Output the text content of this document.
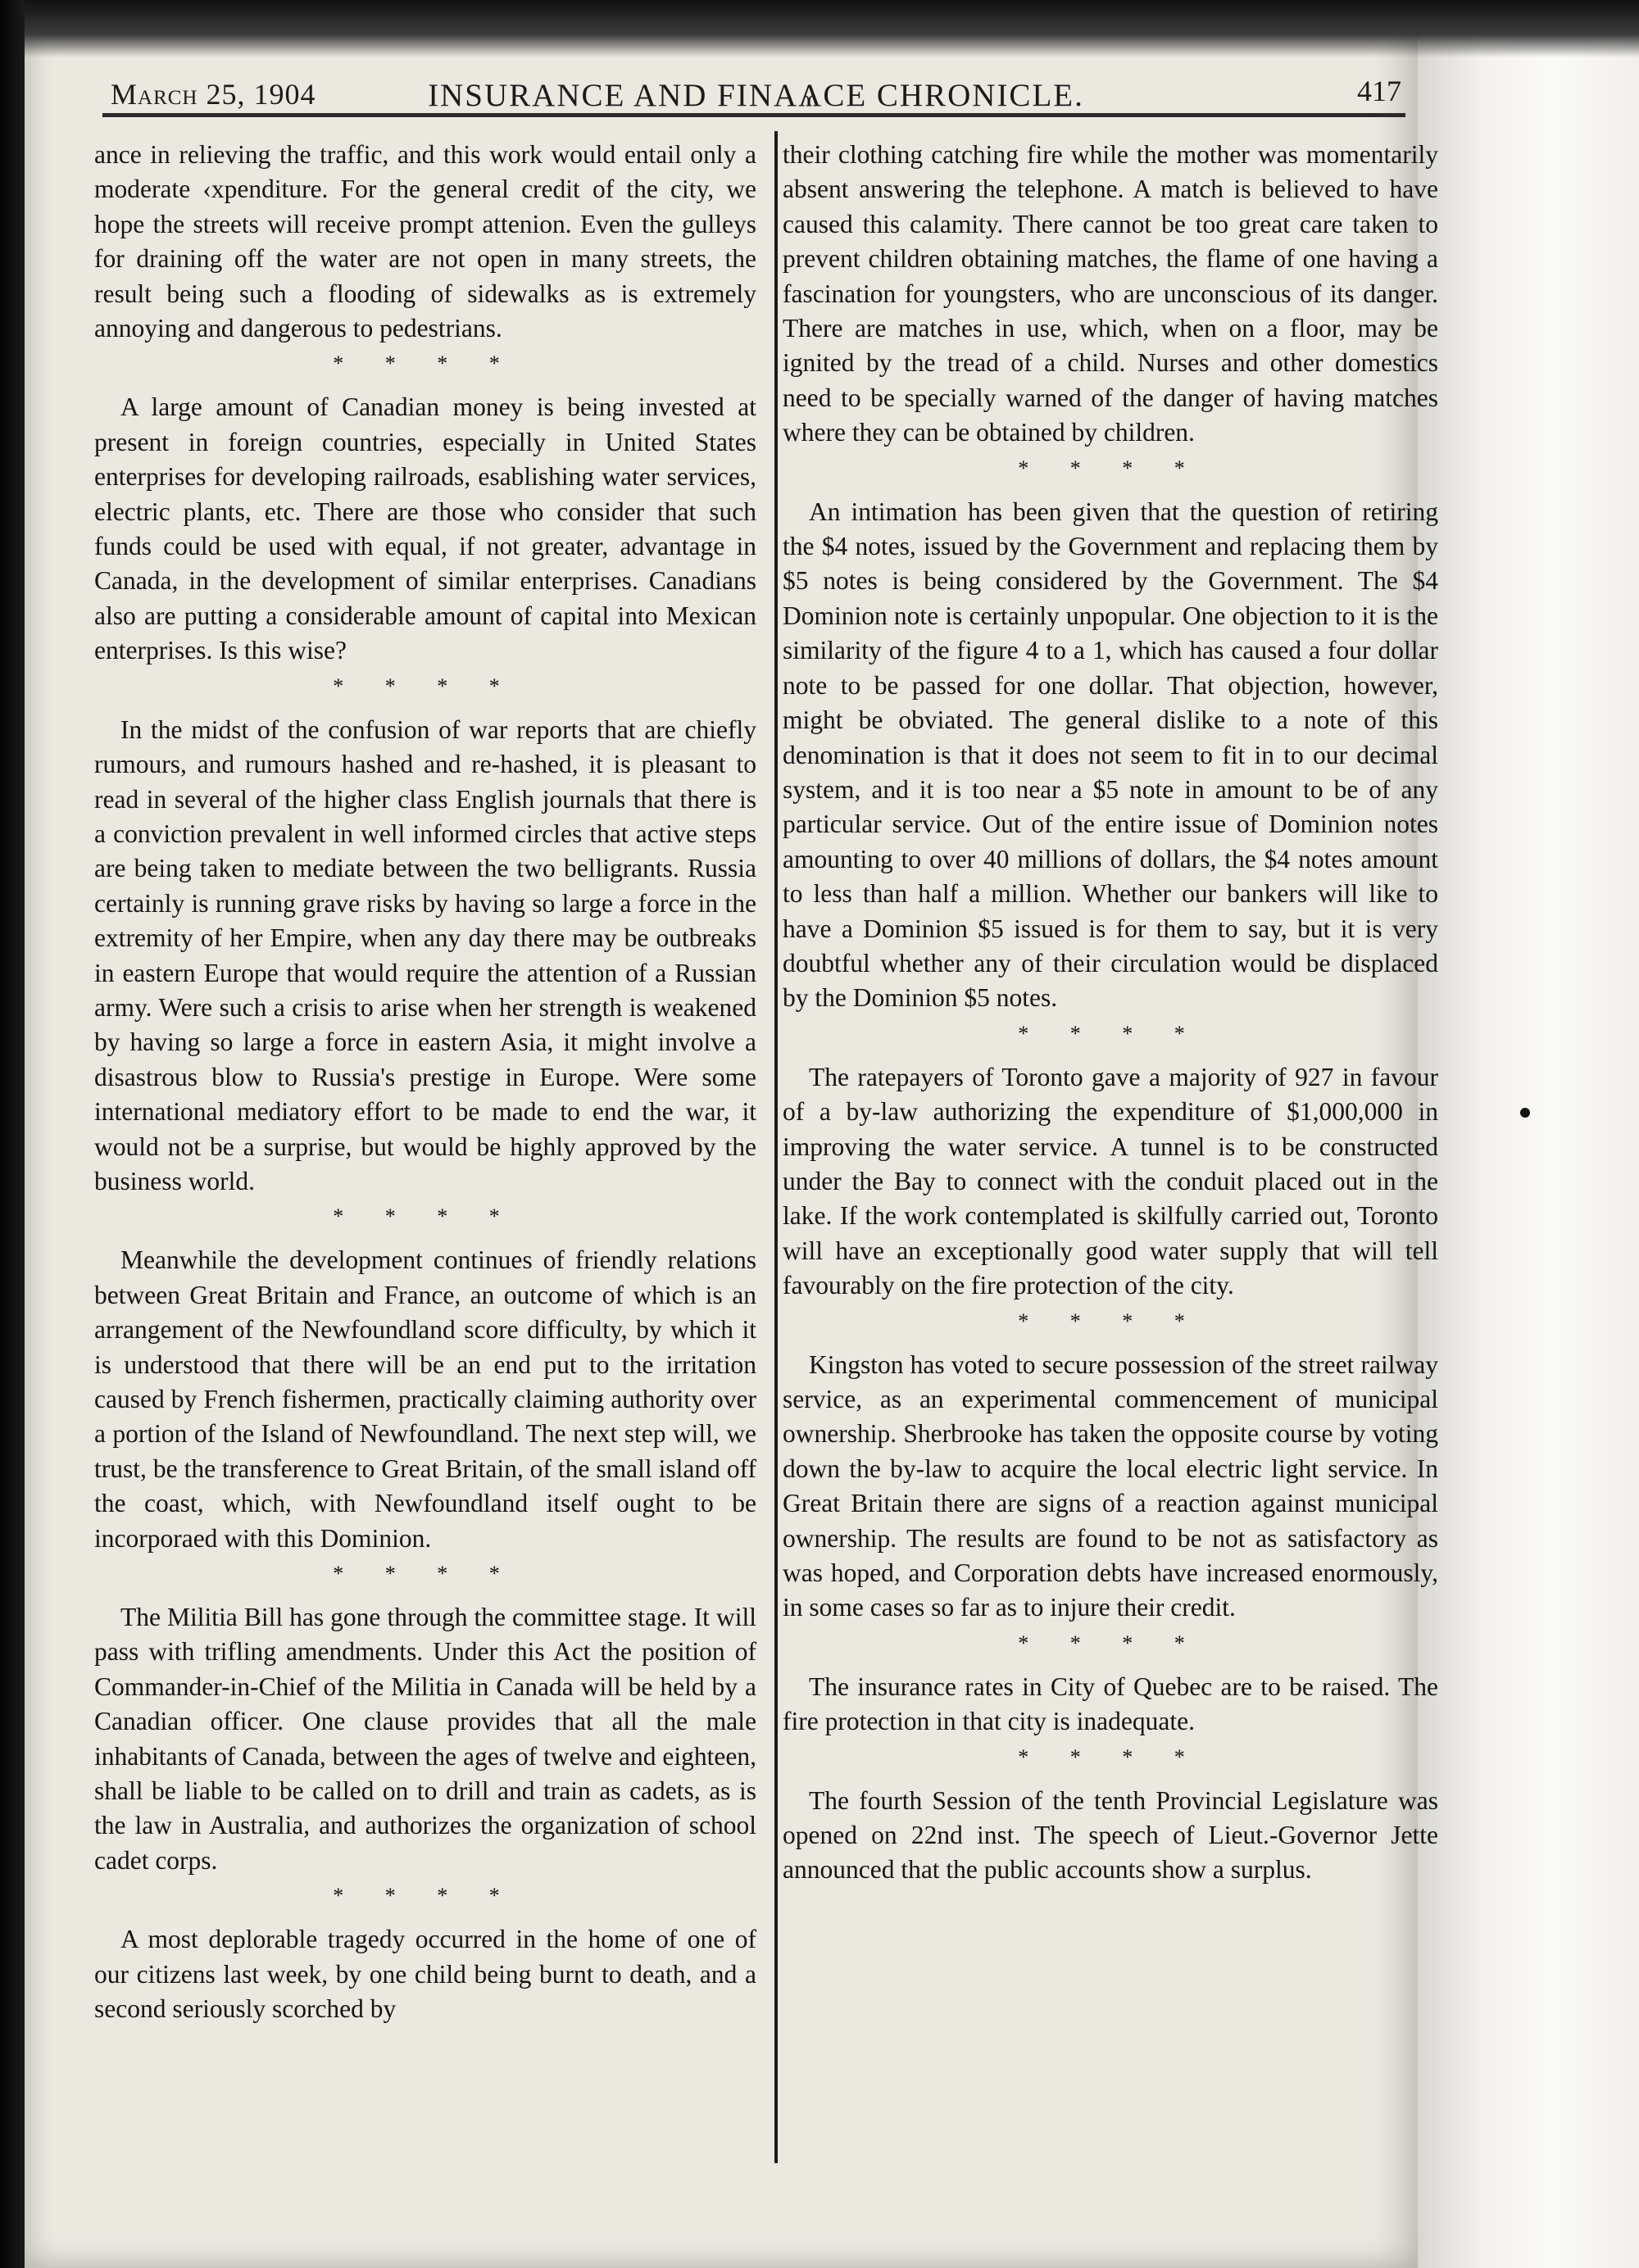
March 25, 1904	INSURANCE AND FINAѦCE CHRONICLE.	417

ance in relieving the traffic, and this work would entail only a moderate ‹xpenditure. For the general credit of the city, we hope the streets will receive prompt attenion. Even the gulleys for draining off the water are not open in many streets, the result being such a flooding of sidewalks as is extremely annoying and dangerous to pedestrians.

* * * *

A large amount of Canadian money is being invested at present in foreign countries, especially in United States enterprises for developing railroads, esablishing water services, electric plants, etc. There are those who consider that such funds could be used with equal, if not greater, advantage in Canada, in the development of similar enterprises. Canadians also are putting a considerable amount of capital into Mexican enterprises. Is this wise?

* * * *

In the midst of the confusion of war reports that are chiefly rumours, and rumours hashed and re-hashed, it is pleasant to read in several of the higher class English journals that there is a conviction prevalent in well informed circles that active steps are being taken to mediate between the two belligrants. Russia certainly is running grave risks by having so large a force in the extremity of her Empire, when any day there may be outbreaks in eastern Europe that would require the attention of a Russian army. Were such a crisis to arise when her strength is weakened by having so large a force in eastern Asia, it might involve a disastrous blow to Russia's prestige in Europe. Were some international mediatory effort to be made to end the war, it would not be a surprise, but would be highly approved by the business world.

* * * *

Meanwhile the development continues of friendly relations between Great Britain and France, an outcome of which is an arrangement of the Newfoundland score difficulty, by which it is understood that there will be an end put to the irritation caused by French fishermen, practically claiming authority over a portion of the Island of Newfoundland. The next step will, we trust, be the transference to Great Britain, of the small island off the coast, which, with Newfoundland itself ought to be incorporaed with this Dominion.

* * * *

The Militia Bill has gone through the committee stage. It will pass with trifling amendments. Under this Act the position of Commander-in-Chief of the Militia in Canada will be held by a Canadian officer. One clause provides that all the male inhabitants of Canada, between the ages of twelve and eighteen, shall be liable to be called on to drill and train as cadets, as is the law in Australia, and authorizes the organization of school cadet corps.

* * * *

A most deplorable tragedy occurred in the home of one of our citizens last week, by one child being burnt to death, and a second seriously scorched by

their clothing catching fire while the mother was momentarily absent answering the telephone. A match is believed to have caused this calamity. There cannot be too great care taken to prevent children obtaining matches, the flame of one having a fascination for youngsters, who are unconscious of its danger. There are matches in use, which, when on a floor, may be ignited by the tread of a child. Nurses and other domestics need to be specially warned of the danger of having matches where they can be obtained by children.

* * * *

An intimation has been given that the question of retiring the $4 notes, issued by the Government and replacing them by $5 notes is being considered by the Government. The $4 Dominion note is certainly unpopular. One objection to it is the similarity of the figure 4 to a 1, which has caused a four dollar note to be passed for one dollar. That objection, however, might be obviated. The general dislike to a note of this denomination is that it does not seem to fit in to our decimal system, and it is too near a $5 note in amount to be of any particular service. Out of the entire issue of Dominion notes amounting to over 40 millions of dollars, the $4 notes amount to less than half a million. Whether our bankers will like to have a Dominion $5 issued is for them to say, but it is very doubtful whether any of their circulation would be displaced by the Dominion $5 notes.

* * * *

The ratepayers of Toronto gave a majority of 927 in favour of a by-law authorizing the expenditure of $1,000,000 in improving the water service. A tunnel is to be constructed under the Bay to connect with the conduit placed out in the lake. If the work contemplated is skilfully carried out, Toronto will have an exceptionally good water supply that will tell favourably on the fire protection of the city.

* * * *

Kingston has voted to secure possession of the street railway service, as an experimental commencement of municipal ownership. Sherbrooke has taken the opposite course by voting down the by-law to acquire the local electric light service. In Great Britain there are signs of a reaction against municipal ownership. The results are found to be not as satisfactory as was hoped, and Corporation debts have increased enormously, in some cases so far as to injure their credit.

* * * *

The insurance rates in City of Quebec are to be raised. The fire protection in that city is inadequate.

* * * *

The fourth Session of the tenth Provincial Legislature was opened on 22nd inst. The speech of Lieut.-Governor Jette announced that the public accounts show a surplus.
